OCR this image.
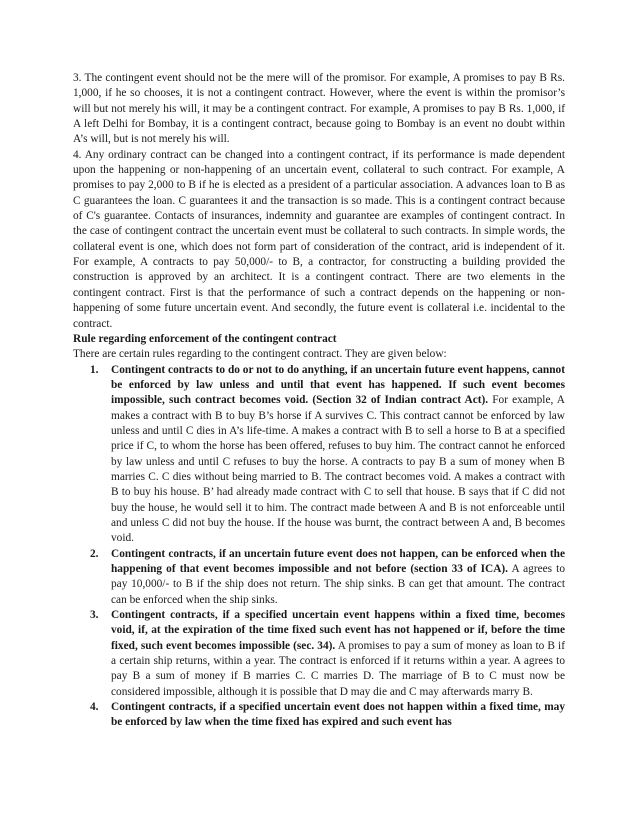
3. The contingent event should not be the mere will of the promisor. For example, A promises to pay B Rs. 1,000, if he so chooses, it is not a contingent contract. However, where the event is within the promisor’s will but not merely his will, it may be a contingent contract. For example, A promises to pay B Rs. 1,000, if A left Delhi for Bombay, it is a contingent contract, because going to Bombay is an event no doubt within A’s will, but is not merely his will.

4. Any ordinary contract can be changed into a contingent contract, if its performance is made dependent upon the happening or non-happening of an uncertain event, collateral to such contract. For example, A promises to pay 2,000 to B if he is elected as a president of a particular association. A advances loan to B as C guarantees the loan. C guarantees it and the transaction is so made. This is a contingent contract because of C's guarantee. Contacts of insurances, indemnity and guarantee are examples of contingent contract. In the case of contingent contract the uncertain event must be collateral to such contracts. In simple words, the collateral event is one, which does not form part of consideration of the contract, arid is independent of it. For example, A contracts to pay 50,000/- to B, a contractor, for constructing a building provided the construction is approved by an architect. It is a contingent contract. There are two elements in the contingent contract. First is that the performance of such a contract depends on the happening or non-happening of some future uncertain event. And secondly, the future event is collateral i.e. incidental to the contract.

Rule regarding enforcement of the contingent contract

There are certain rules regarding to the contingent contract. They are given below:

1. Contingent contracts to do or not to do anything, if an uncertain future event happens, cannot be enforced by law unless and until that event has happened. If such event becomes impossible, such contract becomes void. (Section 32 of Indian contract Act). For example, A makes a contract with B to buy B’s horse if A survives C. This contract cannot be enforced by law unless and until C dies in A’s life-time. A makes a contract with B to sell a horse to B at a specified price if C, to whom the horse has been offered, refuses to buy him. The contract cannot he enforced by law unless and until C refuses to buy the horse. A contracts to pay B a sum of money when B marries C. C dies without being married to B. The contract becomes void. A makes a contract with B to buy his house. B’ had already made contract with C to sell that house. B says that if C did not buy the house, he would sell it to him. The contract made between A and B is not enforceable until and unless C did not buy the house. If the house was burnt, the contract between A and, B becomes void.
2. Contingent contracts, if an uncertain future event does not happen, can be enforced when the happening of that event becomes impossible and not before (section 33 of ICA). A agrees to pay 10,000/- to B if the ship does not return. The ship sinks. B can get that amount. The contract can be enforced when the ship sinks.
3. Contingent contracts, if a specified uncertain event happens within a fixed time, becomes void, if, at the expiration of the time fixed such event has not happened or if, before the time fixed, such event becomes impossible (sec. 34). A promises to pay a sum of money as loan to B if a certain ship returns, within a year. The contract is enforced if it returns within a year. A agrees to pay B a sum of money if B marries C. C marries D. The marriage of B to C must now be considered impossible, although it is possible that D may die and C may afterwards marry B.
4. Contingent contracts, if a specified uncertain event does not happen within a fixed time, may be enforced by law when the time fixed has expired and such event has
